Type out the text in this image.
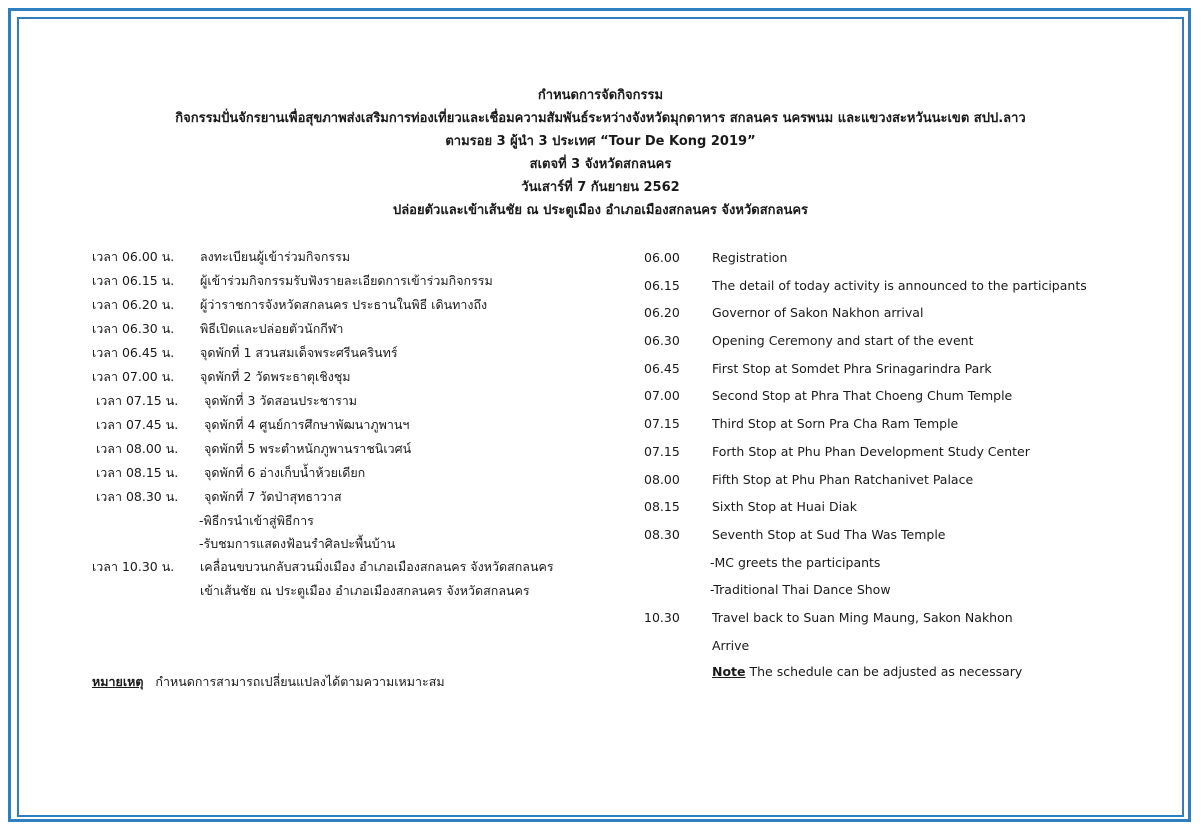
กำหนดการจัดกิจกรรม
กิจกรรมปั่นจักรยานเพื่อสุขภาพส่งเสริมการท่องเที่ยวและเชื่อมความสัมพันธ์ระหว่างจังหวัดมุกดาหาร สกลนคร นครพนม และแขวงสะหวันนะเขต สปป.ลาว
ตามรอย 3 ผู้นำ 3 ประเทศ “Tour De Kong 2019”
สเตจที่ 3 จังหวัดสกลนคร
วันเสาร์ที่ 7 กันยายน 2562
ปล่อยตัวและเข้าเส้นชัย ณ ประตูเมือง อำเภอเมืองสกลนคร จังหวัดสกลนคร
เวลา 06.00 น. ลงทะเบียนผู้เข้าร่วมกิจกรรม
เวลา 06.15 น. ผู้เข้าร่วมกิจกรรมรับฟังรายละเอียดการเข้าร่วมกิจกรรม
เวลา 06.20 น. ผู้ว่าราชการจังหวัดสกลนคร ประธานในพิธี เดินทางถึง
เวลา 06.30 น. พิธีเปิดและปล่อยตัวนักกีฬา
เวลา 06.45 น. จุดพักที่ 1 สวนสมเด็จพระศรีนครินทร์
เวลา 07.00 น. จุดพักที่ 2 วัดพระธาตุเชิงชุม
เวลา 07.15 น. จุดพักที่ 3 วัดสอนประชาราม
เวลา 07.45 น. จุดพักที่ 4 ศูนย์การศึกษาพัฒนาภูพานฯ
เวลา 08.00 น. จุดพักที่ 5 พระตำหนักภูพานราชนิเวศน์
เวลา 08.15 น. จุดพักที่ 6 อ่างเก็บน้ำห้วยเดียก
เวลา 08.30 น. จุดพักที่ 7 วัดป่าสุทธาวาส
-พิธีกรนำเข้าสู่พิธีการ
-รับชมการแสดงฟ้อนรำศิลปะพื้นบ้าน
เวลา 10.30 น. เคลื่อนขบวนกลับสวนมิ่งเมือง อำเภอเมืองสกลนคร จังหวัดสกลนคร
เข้าเส้นชัย ณ ประตูเมือง อำเภอเมืองสกลนคร จังหวัดสกลนคร
06.00	Registration
06.15	The detail of today activity is announced to the participants
06.20	Governor of Sakon Nakhon arrival
06.30	Opening Ceremony and start of the event
06.45	First Stop at Somdet Phra Srinagarindra Park
07.00	Second Stop at Phra That Choeng Chum Temple
07.15	Third Stop at Sorn Pra Cha Ram Temple
07.15	Forth Stop at Phu Phan Development Study Center
08.00	Fifth Stop at Phu Phan Ratchanivet Palace
08.15	Sixth Stop at Huai Diak
08.30	Seventh Stop at Sud Tha Was Temple
-MC greets the participants
-Traditional Thai Dance Show
10.30	Travel back to Suan Ming Maung, Sakon Nakhon
Arrive
หมายเหตุ กำหนดการสามารถเปลี่ยนแปลงได้ตามความเหมาะสม
Note The schedule can be adjusted as necessary
